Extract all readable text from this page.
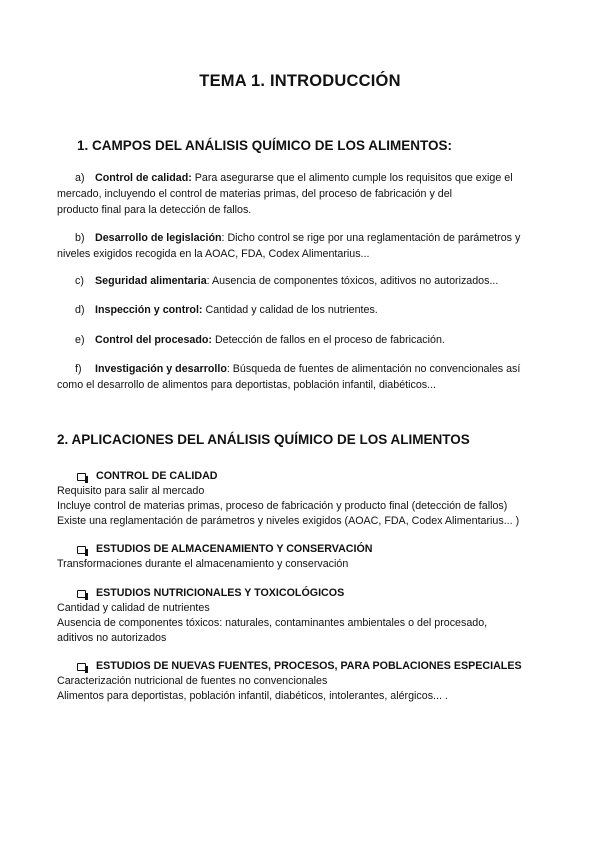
TEMA 1. INTRODUCCIÓN
1. CAMPOS DEL ANÁLISIS QUÍMICO DE LOS ALIMENTOS:
a) Control de calidad: Para asegurarse que el alimento cumple los requisitos que exige el
mercado, incluyendo el control de materias primas, del proceso de fabricación y del
producto final para la detección de fallos.
b) Desarrollo de legislación: Dicho control se rige por una reglamentación de parámetros y
niveles exigidos recogida en la AOAC, FDA, Codex Alimentarius...
c) Seguridad alimentaria: Ausencia de componentes tóxicos, aditivos no autorizados...
d) Inspección y control: Cantidad y calidad de los nutrientes.
e) Control del procesado: Detección de fallos en el proceso de fabricación.
f) Investigación y desarrollo: Búsqueda de fuentes de alimentación no convencionales así
como el desarrollo de alimentos para deportistas, población infantil, diabéticos...
2. APLICACIONES DEL ANÁLISIS QUÍMICO DE LOS ALIMENTOS
CONTROL DE CALIDAD
Requisito para salir al mercado
Incluye control de materias primas, proceso de fabricación y producto final (detección de fallos)
Existe una reglamentación de parámetros y niveles exigidos (AOAC, FDA, Codex Alimentarius... )
ESTUDIOS DE ALMACENAMIENTO Y CONSERVACIÓN
Transformaciones durante el almacenamiento y conservación
ESTUDIOS NUTRICIONALES Y TOXICOLÓGICOS
Cantidad y calidad de nutrientes
Ausencia de componentes tóxicos: naturales, contaminantes ambientales o del procesado,
aditivos no autorizados
ESTUDIOS DE NUEVAS FUENTES, PROCESOS, PARA POBLACIONES ESPECIALES
Caracterización nutricional de fuentes no convencionales
Alimentos para deportistas, población infantil, diabéticos, intolerantes, alérgicos... .
